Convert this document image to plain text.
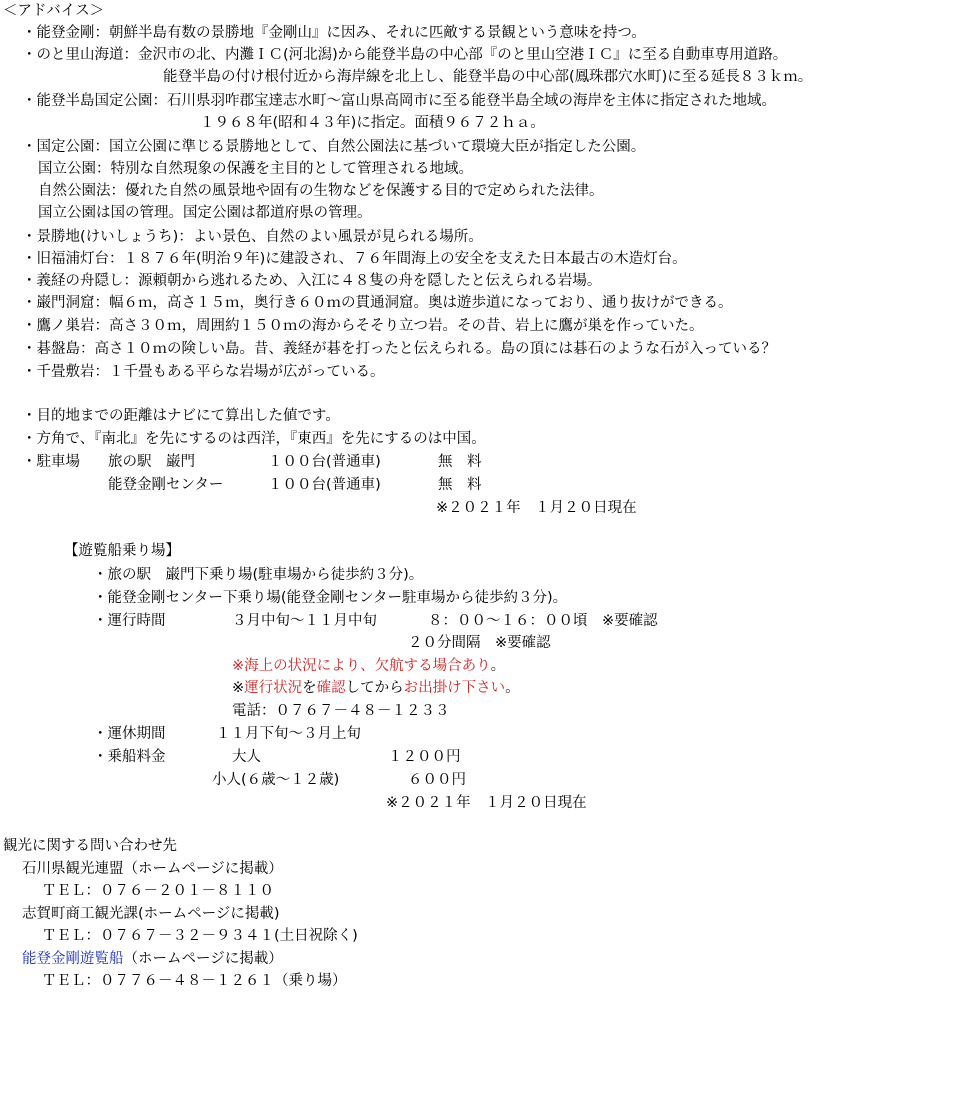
＜アドバイス＞
・能登金剛：朝鮮半島有数の景勝地『金剛山』に因み、それに匹敵する景観という意味を持つ。
・のと里山海道：金沢市の北、内灘ＩＣ(河北潟)から能登半島の中心部『のと里山空港ＩＣ』に至る自動車専用道路。
能登半島の付け根付近から海岸線を北上し、能登半島の中心部(鳳珠郡穴水町)に至る延長８３ｋｍ。
・能登半島国定公園：石川県羽咋郡宝達志水町～富山県高岡市に至る能登半島全域の海岸を主体に指定された地域。
１９６８年(昭和４３年)に指定。面積９６７２ｈａ。
・国定公園：国立公園に準じる景勝地として、自然公園法に基づいて環境大臣が指定した公園。
国立公園：特別な自然現象の保護を主目的として管理される地域。
自然公園法：優れた自然の風景地や固有の生物などを保護する目的で定められた法律。
国立公園は国の管理。国定公園は都道府県の管理。
・景勝地(けいしょうち)：よい景色、自然のよい風景が見られる場所。
・旧福浦灯台：１８７６年(明治９年)に建設され、７６年間海上の安全を支えた日本最古の木造灯台。
・義経の舟隠し：源頼朝から逃れるため、入江に４８隻の舟を隠したと伝えられる岩場。
・巌門洞窟：幅６ｍ，高さ１５ｍ，奥行き６０ｍの貫通洞窟。奥は遊歩道になっており、通り抜けができる。
・鷹ノ巣岩：高さ３０ｍ，周囲約１５０ｍの海からそそり立つ岩。その昔、岩上に鷹が巣を作っていた。
・碁盤島：高さ１０ｍの険しい島。昔、義経が碁を打ったと伝えられる。島の頂には碁石のような石が入っている？
・千畳敷岩：１千畳もある平らな岩場が広がっている。
・目的地までの距離はナビにて算出した値です。
・方角で、『南北』を先にするのは西洋，『東西』を先にするのは中国。
・駐車場 旅の駅　巌門	１００台(普通車)	無　料
能登金剛センター	１００台(普通車)	無　料
※２０２１年　１月２０日現在
【遊覧船乗り場】
・旅の駅　巌門下乗り場(駐車場から徒歩約３分)。
・能登金剛センター下乗り場(能登金剛センター駐車場から徒歩約３分)。
・運行時間	３月中旬～１１月中旬	８：００～１６：００頃　※要確認
２０分間隔　※要確認
※海上の状況により、欠航する場合あり。
※運行状況を確認してからお出掛け下さい。
電話：０７６７－４８－１２３３
・運休期間	１１月下旬～３月上旬
・乗船料金	大人	１２００円
小人(６歳～１２歳)	６００円
※２０２１年　１月２０日現在
観光に関する問い合わせ先
石川県観光連盟（ホームページに掲載）
ＴＥＬ：０７６－２０１－８１１０
志賀町商工観光課(ホームページに掲載)
ＴＥＬ：０７６７－３２－９３４１(土日祝除く)
能登金剛遊覧船（ホームページに掲載）
ＴＥＬ：０７７６－４８－１２６１（乗り場）
